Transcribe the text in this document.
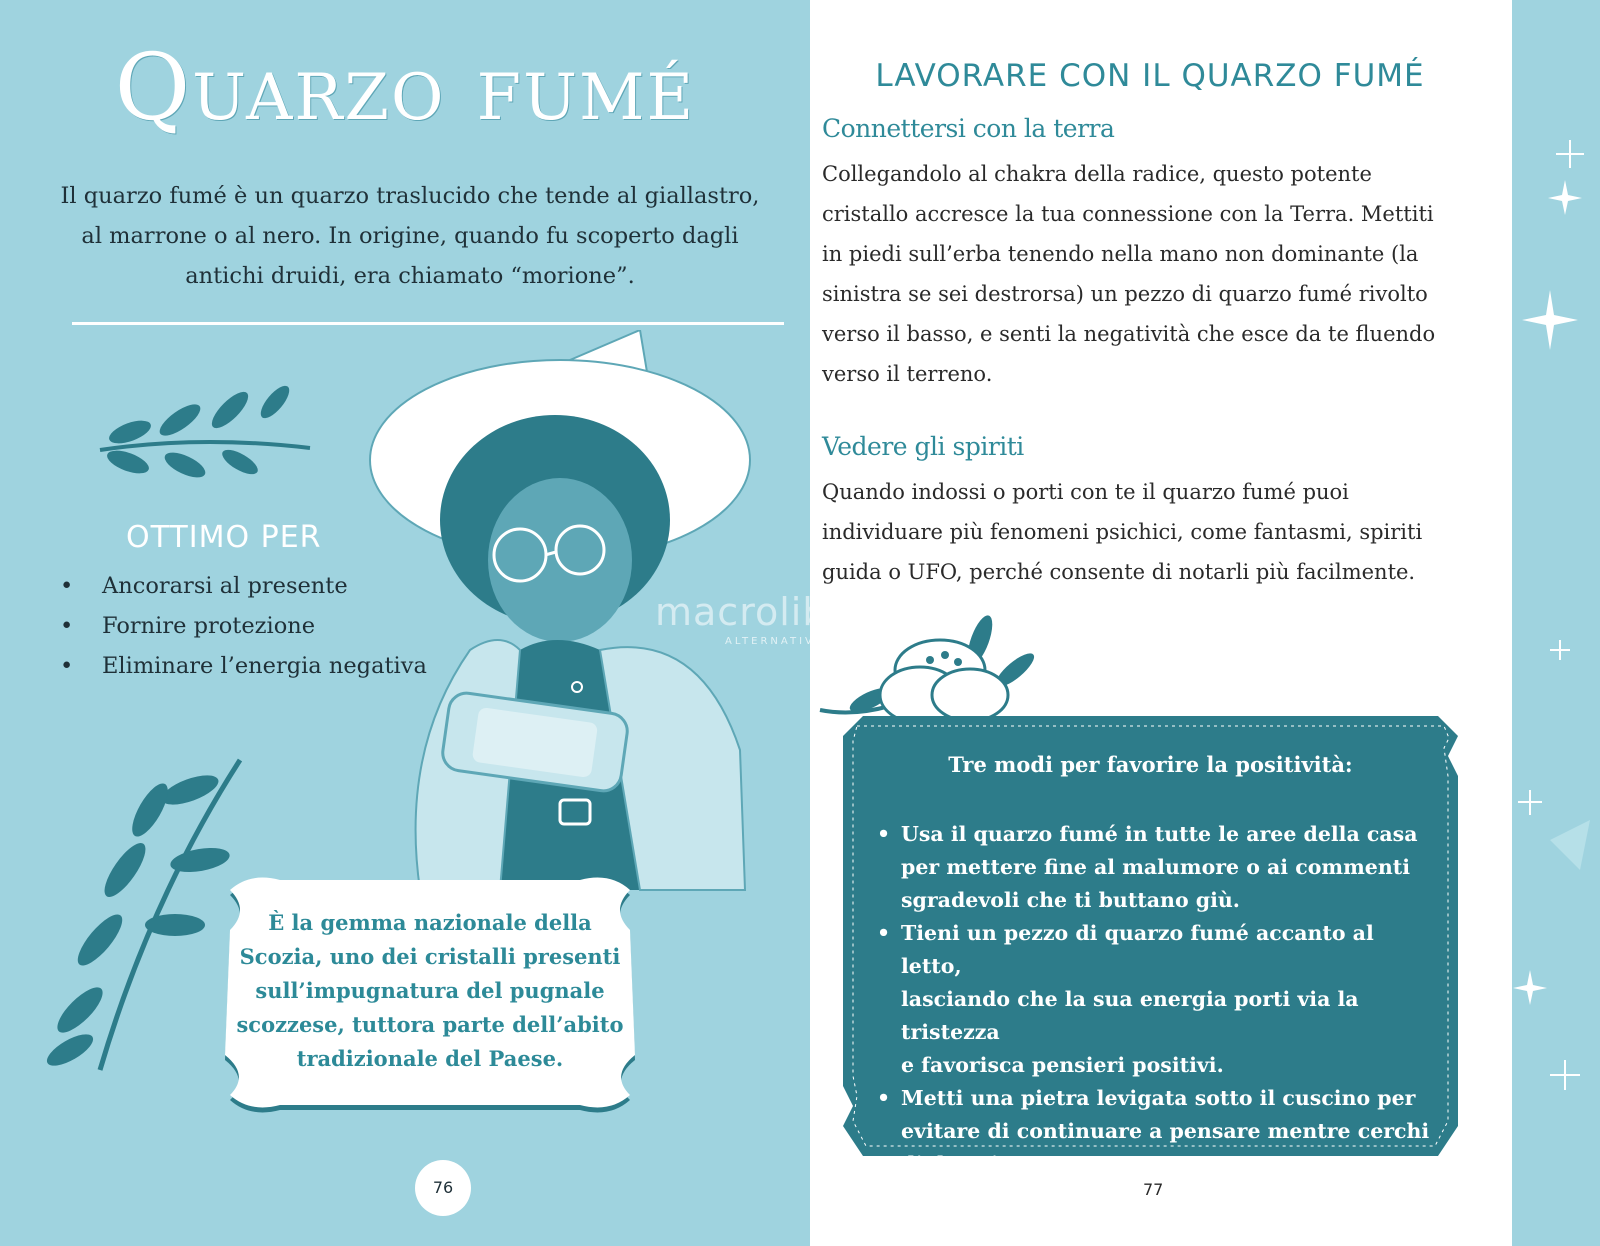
Quarzo fumé
Il quarzo fumé è un quarzo traslucido che tende al giallastro, al marrone o al nero. In origine, quando fu scoperto dagli antichi druidi, era chiamato “morione”.
OTTIMO PER
• Ancorarsi al presente
• Fornire protezione
• Eliminare l’energia negativa
È la gemma nazionale della Scozia, uno dei cristalli presenti sull’impugnatura del pugnale scozzese, tuttora parte dell’abito tradizionale del Paese.
76
LAVORARE CON IL QUARZO FUMÉ
Connettersi con la terra
Collegandolo al chakra della radice, questo potente
cristallo accresce la tua connessione con la Terra. Mettiti
in piedi sull’erba tenendo nella mano non dominante (la
sinistra se sei destrorsa) un pezzo di quarzo fumé rivolto
verso il basso, e senti la negatività che esce da te fluendo
verso il terreno.
Vedere gli spiriti
Quando indossi o porti con te il quarzo fumé puoi
individuare più fenomeni psichici, come fantasmi, spiriti
guida o UFO, perché consente di notarli più facilmente.
77
Tre modi per favorire la positività:
• Usa il quarzo fumé in tutte le aree della casa
per mettere fine al malumore o ai commenti
sgradevoli che ti buttano giù.
• Tieni un pezzo di quarzo fumé accanto al letto,
lasciando che la sua energia porti via la tristezza
e favorisca pensieri positivi.
• Metti una pietra levigata sotto il cuscino per
evitare di continuare a pensare mentre cerchi
di dormire.
macrolibrarsi
ALTERNATIVA NATURALE
